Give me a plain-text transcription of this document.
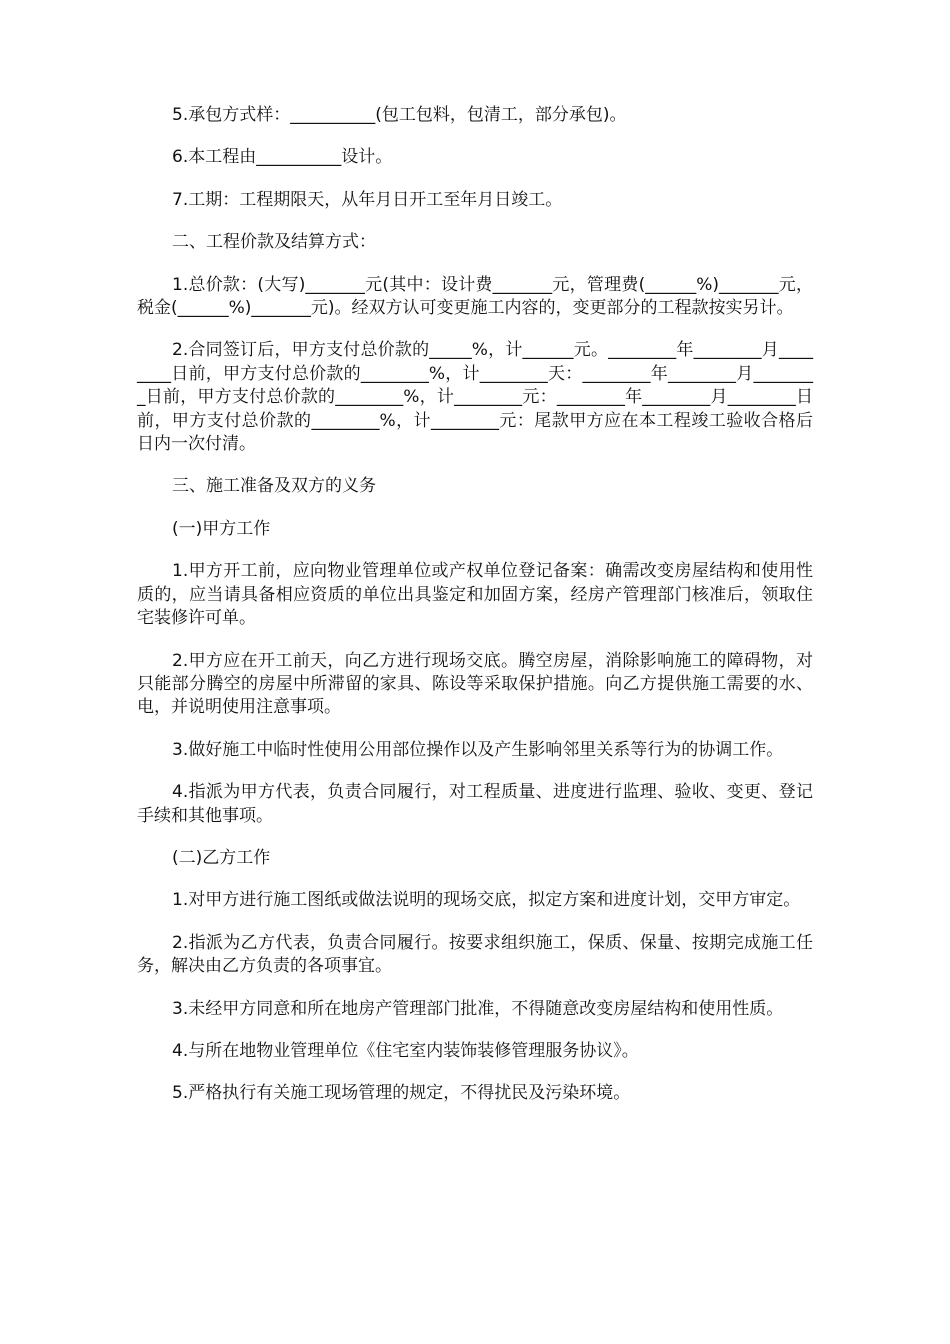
5.承包方式样：__________(包工包料，包清工，部分承包)。

6.本工程由__________设计。

7.工期：工程期限天，从年月日开工至年月日竣工。

二、工程价款及结算方式：

1.总价款：(大写)_______元(其中：设计费_______元，管理费(______%)_______元，税金(______%)_______元)。经双方认可变更施工内容的，变更部分的工程款按实另计。

2.合同签订后，甲方支付总价款的_____%，计______元。________年________月________日前，甲方支付总价款的________%，计________天：________年________月________日前，甲方支付总价款的________%，计________元：________年________月________日前，甲方支付总价款的________%，计________元：尾款甲方应在本工程竣工验收合格后日内一次付清。

三、施工准备及双方的义务

(一)甲方工作

1.甲方开工前，应向物业管理单位或产权单位登记备案：确需改变房屋结构和使用性质的，应当请具备相应资质的单位出具鉴定和加固方案，经房产管理部门核准后，领取住宅装修许可单。

2.甲方应在开工前天，向乙方进行现场交底。腾空房屋，消除影响施工的障碍物，对只能部分腾空的房屋中所滞留的家具、陈设等采取保护措施。向乙方提供施工需要的水、电，并说明使用注意事项。

3.做好施工中临时性使用公用部位操作以及产生影响邻里关系等行为的协调工作。

4.指派为甲方代表，负责合同履行，对工程质量、进度进行监理、验收、变更、登记手续和其他事项。

(二)乙方工作

1.对甲方进行施工图纸或做法说明的现场交底，拟定方案和进度计划，交甲方审定。

2.指派为乙方代表，负责合同履行。按要求组织施工，保质、保量、按期完成施工任务，解决由乙方负责的各项事宜。

3.未经甲方同意和所在地房产管理部门批准，不得随意改变房屋结构和使用性质。

4.与所在地物业管理单位《住宅室内装饰装修管理服务协议》。

5.严格执行有关施工现场管理的规定，不得扰民及污染环境。
